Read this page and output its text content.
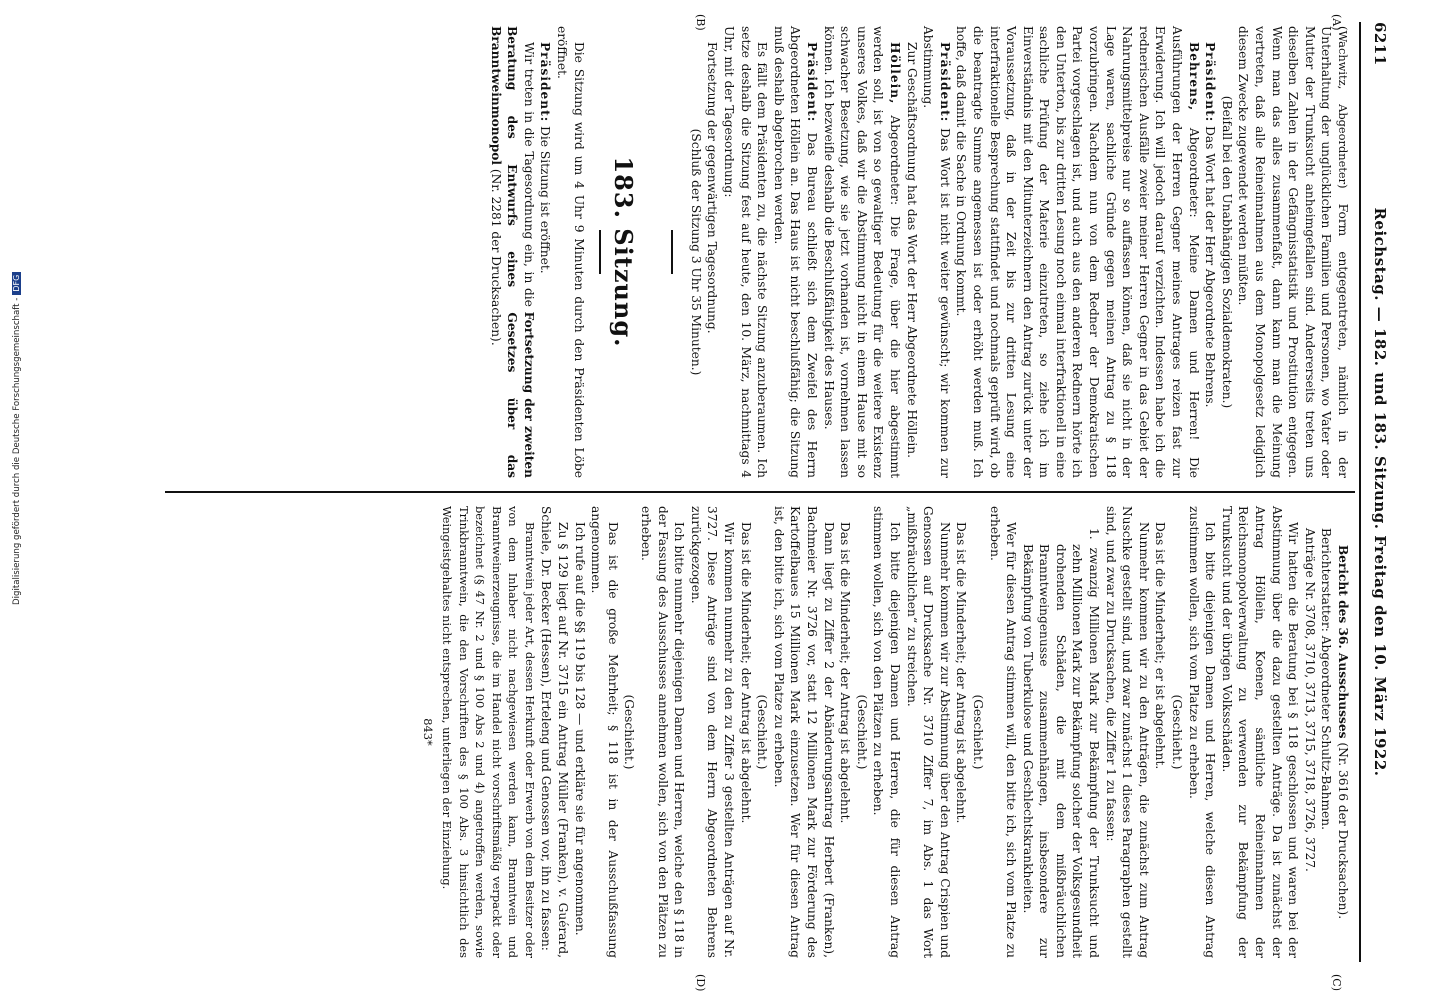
6211
Reichstag. — 182. und 183. Sitzung. Freitag den 10. März 1922.
(C)
(A)
(D)
(B)

Bericht des 36. Ausschusses (Nr. 3616 der Drucksachen).

Berichterstatter: Abgeordneter Schultz-Bahmen.

Anträge Nr. 3708, 3710, 3713, 3715, 3718, 3726, 3727.

Wir hatten die Beratung bei § 118 geschlossen und waren bei der Abstimmung über die dazu gestellten Anträge. Da ist zunächst der Antrag Höllein, Koenen, sämtliche Reineinnahmen der Reichsmonopolverwaltung zu verwenden zur Bekämpfung der Trunksucht und der übrigen Volksschäden.

Ich bitte diejenigen Damen und Herren, welche diesen Antrag zustimmen wollen, sich vom Platze zu erheben.

(Geschieht.)

Das ist die Minderheit; er ist abgelehnt.

Nunmehr kommen wir zu den Anträgen, die zunächst zum Antrag Nuschke gestellt sind, und zwar zunächst 1 dieses Paragraphen gestellt sind, und zwar zu Drucksachen, die Ziffer 1 zu fassen:

1. zwanzig Millionen Mark zur Bekämpfung der Trunksucht und zehn Millionen Mark zur Bekämpfung solcher der Volksgesundheit drohenden Schäden, die mit dem mißbräuchlichen Branntweingenusse zusammenhängen, insbesondere zur Bekämpfung von Tuberkulose und Geschlechtskrankheiten.

Wer für diesen Antrag stimmen will, den bitte ich, sich vom Platze zu erheben.

(Geschieht.)

Das ist die Minderheit; der Antrag ist abgelehnt.

Nunmehr kommen wir zur Abstimmung über den Antrag Crispien und Genossen auf Drucksache Nr. 3710 Ziffer 7, im Abs. 1 das Wort „mißbräuchlichen“ zu streichen.

Ich bitte diejenigen Damen und Herren, die für diesen Antrag stimmen wollen, sich von den Plätzen zu erheben.

(Geschieht.)

Das ist die Minderheit; der Antrag ist abgelehnt.

Dann liegt zu Ziffer 2 der Abänderungsantrag Herbert (Franken), Bachmeier Nr. 3726 vor, statt 12 Millionen Mark zur Förderung des Kartoffelbaues 15 Millionen Mark einzusetzen. Wer für diesen Antrag ist, den bitte ich, sich vom Platze zu erheben.

(Geschieht.)

Das ist die Minderheit; der Antrag ist abgelehnt.

Wir kommen nunmehr zu den zu Ziffer 3 gestellten Anträgen auf Nr. 3727. Diese Anträge sind von dem Herrn Abgeordneten Behrens zurückgezogen.

Ich bitte nunmehr diejenigen Damen und Herren, welche den § 118 in der Fassung des Ausschusses annehmen wollen, sich von den Plätzen zu erheben.

(Geschieht.)

Das ist die große Mehrheit; § 118 ist in der Ausschußfassung angenommen.

Ich rufe auf die §§ 119 bis 128 — und erkläre sie für angenommen.

Zu § 129 liegt auf Nr. 3715 ein Antrag Müller (Franken), v. Guérard, Schiele, Dr. Becker (Hessen), Erteleng und Genossen vor, ihn zu fassen:

Branntwein jeder Art, dessen Herkunft oder Erwerb von dem Besitzer oder von dem Inhaber nicht nachgewiesen werden kann, Branntwein und Branntweinerzeugnisse, die im Handel nicht vorschriftsmäßig verpackt oder bezeichnet (§ 47 Nr. 2 und § 100 Abs 2 und 4) angetroffen werden, sowie Trinkbranntwein, die den Vorschriften des § 100 Abs. 3 hinsichtlich des Weingeistgehaltes nicht entsprechen, unterliegen der Einziehung.

843*

(Wachwitz, Abgeordneter) Form entgegentreten, nämlich in der Unterhaltung der unglücklichen Familien und Personen, wo Vater oder Mutter der Trunksucht anheimgefallen sind. Andererseits treten uns dieselben Zahlen in der Gefängnisstatistik und Prostitution entgegen. Wenn man das alles zusammenfaßt, dann kann man die Meinung vertreten, daß alle Reineinnahmen aus dem Monopolgesetz lediglich diesem Zwecke zugewendet werden müßten.

(Beifall bei den Unabhängigen Sozialdemokraten.)

Präsident: Das Wort hat der Herr Abgeordnete Behrens.

Behrens, Abgeordneter: Meine Damen und Herren! Die Ausführungen der Herren Gegner meines Antrages reizen fast zur Erwiderung. Ich will jedoch darauf verzichten. Indessen habe ich die rednerischen Ausfälle zweier meiner Herren Gegner in das Gebiet der Nahrungsmittelpreise nur so auffassen können, daß sie nicht in der Lage waren, sachliche Gründe gegen meinen Antrag zu § 118 vorzubringen. Nachdem nun von dem Redner der Demokratischen Partei vorgeschlagen ist, und auch aus den anderen Rednern hörte ich den Unterton, bis zur dritten Lesung noch einmal interfraktionell in eine sachliche Prüfung der Materie einzutreten, so ziehe ich im Einverständnis mit den Mitunterzeichnern den Antrag zurück unter der Voraussetzung, daß in der Zeit bis zur dritten Lesung eine interfraktionelle Besprechung stattfindet und nochmals geprüft wird, ob die beantragte Summe angemessen ist oder erhöht werden muß. Ich hoffe, daß damit die Sache in Ordnung kommt.

Präsident: Das Wort ist nicht weiter gewünscht; wir kommen zur Abstimmung.

Zur Geschäftsordnung hat das Wort der Herr Abgeordnete Höllein.

Höllein, Abgeordneter: Die Frage, über die hier abgestimmt werden soll, ist von so gewaltiger Bedeutung für die weitere Existenz unseres Volkes, daß wir die Abstimmung nicht in einem Hause mit so schwacher Besetzung, wie sie jetzt vorhanden ist, vornehmen lassen können. Ich bezweifle deshalb die Beschlußfähigkeit des Hauses.

Präsident: Das Bureau schließt sich dem Zweifel des Herrn Abgeordneten Höllein an. Das Haus ist nicht beschlußfähig; die Sitzung muß deshalb abgebrochen werden.

Es fällt dem Präsidenten zu, die nächste Sitzung anzuberaumen. Ich setze deshalb die Sitzung fest auf heute, den 10. März, nachmittags 4 Uhr, mit der Tagesordnung:

Fortsetzung der gegenwärtigen Tagesordnung.

(Schluß der Sitzung 3 Uhr 35 Minuten.)

183. Sitzung.

Die Sitzung wird um 4 Uhr 9 Minuten durch den Präsidenten Löbe eröffnet.

Präsident: Die Sitzung ist eröffnet.

Wir treten in die Tagesordnung ein, in die Fortsetzung der zweiten Beratung des Entwurfs eines Gesetzes über das Branntweinmonopol (Nr. 2281 der Drucksachen).

Digitalisierung gefördert durch die Deutsche Forschungsgemeinschaft -DFG
